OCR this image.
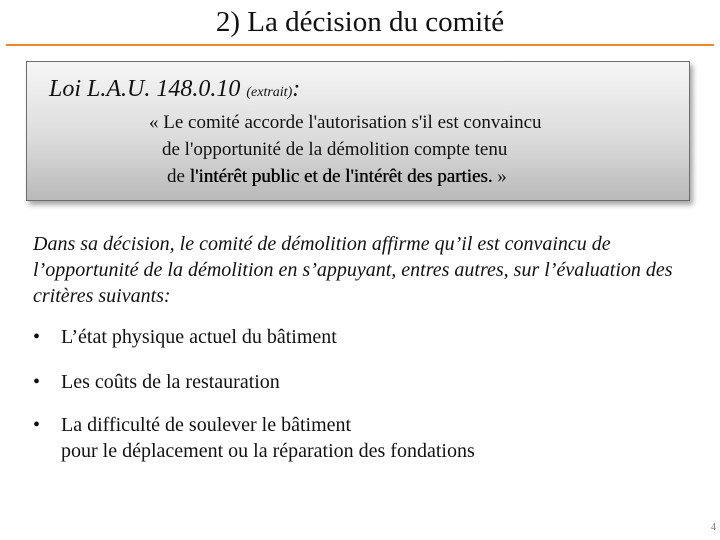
2) La décision du comité
Loi L.A.U. 148.0.10 (extrait):
« Le comité accorde l'autorisation s'il est convaincu
de l'opportunité de la démolition compte tenu
de l'intérêt public et de l'intérêt des parties. »
Dans sa décision, le comité de démolition affirme qu’il est convaincu de l’opportunité de la démolition en s’appuyant, entres autres, sur l’évaluation des critères suivants:
• L’état physique actuel du bâtiment
• Les coûts de la restauration
• La difficulté de soulever le bâtiment
pour le déplacement ou la réparation des fondations
4
